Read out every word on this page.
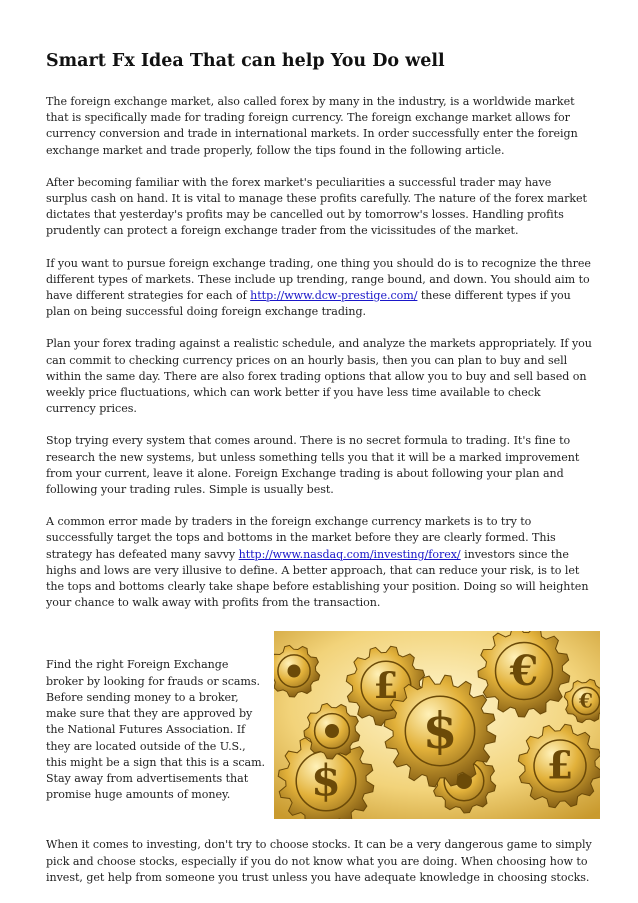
Smart Fx Idea That can help You Do well

The foreign exchange market, also called forex by many in the industry, is a worldwide market that is specifically made for trading foreign currency. The foreign exchange market allows for currency conversion and trade in international markets. In order successfully enter the foreign exchange market and trade properly, follow the tips found in the following article.

After becoming familiar with the forex market's peculiarities a successful trader may have surplus cash on hand. It is vital to manage these profits carefully. The nature of the forex market dictates that yesterday's profits may be cancelled out by tomorrow's losses. Handling profits prudently can protect a foreign exchange trader from the vicissitudes of the market.

If you want to pursue foreign exchange trading, one thing you should do is to recognize the three different types of markets. These include up trending, range bound, and down. You should aim to have different strategies for each of http://www.dcw-prestige.com/ these different types if you plan on being successful doing foreign exchange trading.

Plan your forex trading against a realistic schedule, and analyze the markets appropriately. If you can commit to checking currency prices on an hourly basis, then you can plan to buy and sell within the same day. There are also forex trading options that allow you to buy and sell based on weekly price fluctuations, which can work better if you have less time available to check currency prices.

Stop trying every system that comes around. There is no secret formula to trading. It's fine to research the new systems, but unless something tells you that it will be a marked improvement from your current, leave it alone. Foreign Exchange trading is about following your plan and following your trading rules. Simple is usually best.

A common error made by traders in the foreign exchange currency markets is to try to successfully target the tops and bottoms in the market before they are clearly formed. This strategy has defeated many savvy http://www.nasdaq.com/investing/forex/ investors since the highs and lows are very illusive to define. A better approach, that can reduce your risk, is to let the tops and bottoms clearly take shape before establishing your position. Doing so will heighten your chance to walk away with profits from the transaction.

Find the right Foreign Exchange broker by looking for frauds or scams. Before sending money to a broker, make sure that they are approved by the National Futures Association. If they are located outside of the U.S., this might be a sign that this is a scam. Stay away from advertisements that promise huge amounts of money.	$
€
£
£
$
€

When it comes to investing, don't try to choose stocks. It can be a very dangerous game to simply pick and choose stocks, especially if you do not know what you are doing. When choosing how to invest, get help from someone you trust unless you have adequate knowledge in choosing stocks.
